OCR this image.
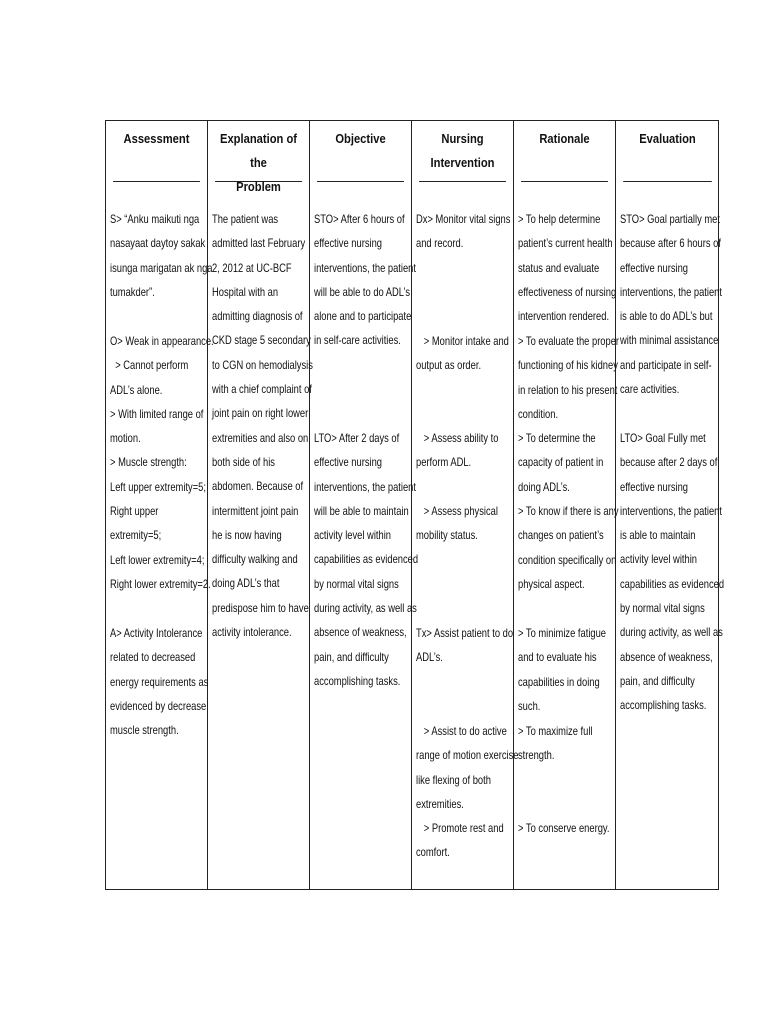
Assessment
S> “Anku maikuti nga
nasayaat daytoy sakak
isunga marigatan ak nga
tumakder”.
O> Weak in appearance.
> Cannot perform
ADL’s alone.
> With limited range of
motion.
> Muscle strength:
Left upper extremity=5;
Right upper
extremity=5;
Left lower extremity=4;
Right lower extremity=2.
A> Activity Intolerance
related to decreased
energy requirements as
evidenced by decrease
muscle strength.
Explanation of the
Problem
The patient was
admitted last February
2, 2012 at UC-BCF
Hospital with an
admitting diagnosis of
CKD stage 5 secondary
to CGN on hemodialysis
with a chief complaint of
joint pain on right lower
extremities and also on
both side of his
abdomen. Because of
intermittent joint pain
he is now having
difficulty walking and
doing ADL’s that
predispose him to have
activity intolerance.
Objective
STO> After 6 hours of
effective nursing
interventions, the patient
will be able to do ADL’s
alone and to participate
in self-care activities.
LTO> After 2 days of
effective nursing
interventions, the patient
will be able to maintain
activity level within
capabilities as evidenced
by normal vital signs
during activity, as well as
absence of weakness,
pain, and difficulty
accomplishing tasks.
Nursing Intervention
Dx> Monitor vital signs
and record.
> Monitor intake and
output as order.
> Assess ability to
perform ADL.
> Assess physical
mobility status.
Tx> Assist patient to do
ADL’s.
> Assist to do active
range of motion exercise
like flexing of both
extremities.
> Promote rest and
comfort.
Rationale
> To help determine
patient’s current health
status and evaluate
effectiveness of nursing
intervention rendered.
> To evaluate the proper
functioning of his kidney
in relation to his present
condition.
> To determine the
capacity of patient in
doing ADL’s.
> To know if there is any
changes on patient’s
condition specifically on
physical aspect.
> To minimize fatigue
and to evaluate his
capabilities in doing
such.
> To maximize full
strength.
> To conserve energy.
Evaluation
STO> Goal partially met
because after 6 hours of
effective nursing
interventions, the patient
is able to do ADL’s but
with minimal assistance
and participate in self-
care activities.
LTO> Goal Fully met
because after 2 days of
effective nursing
interventions, the patient
is able to maintain
activity level within
capabilities as evidenced
by normal vital signs
during activity, as well as
absence of weakness,
pain, and difficulty
accomplishing tasks.
